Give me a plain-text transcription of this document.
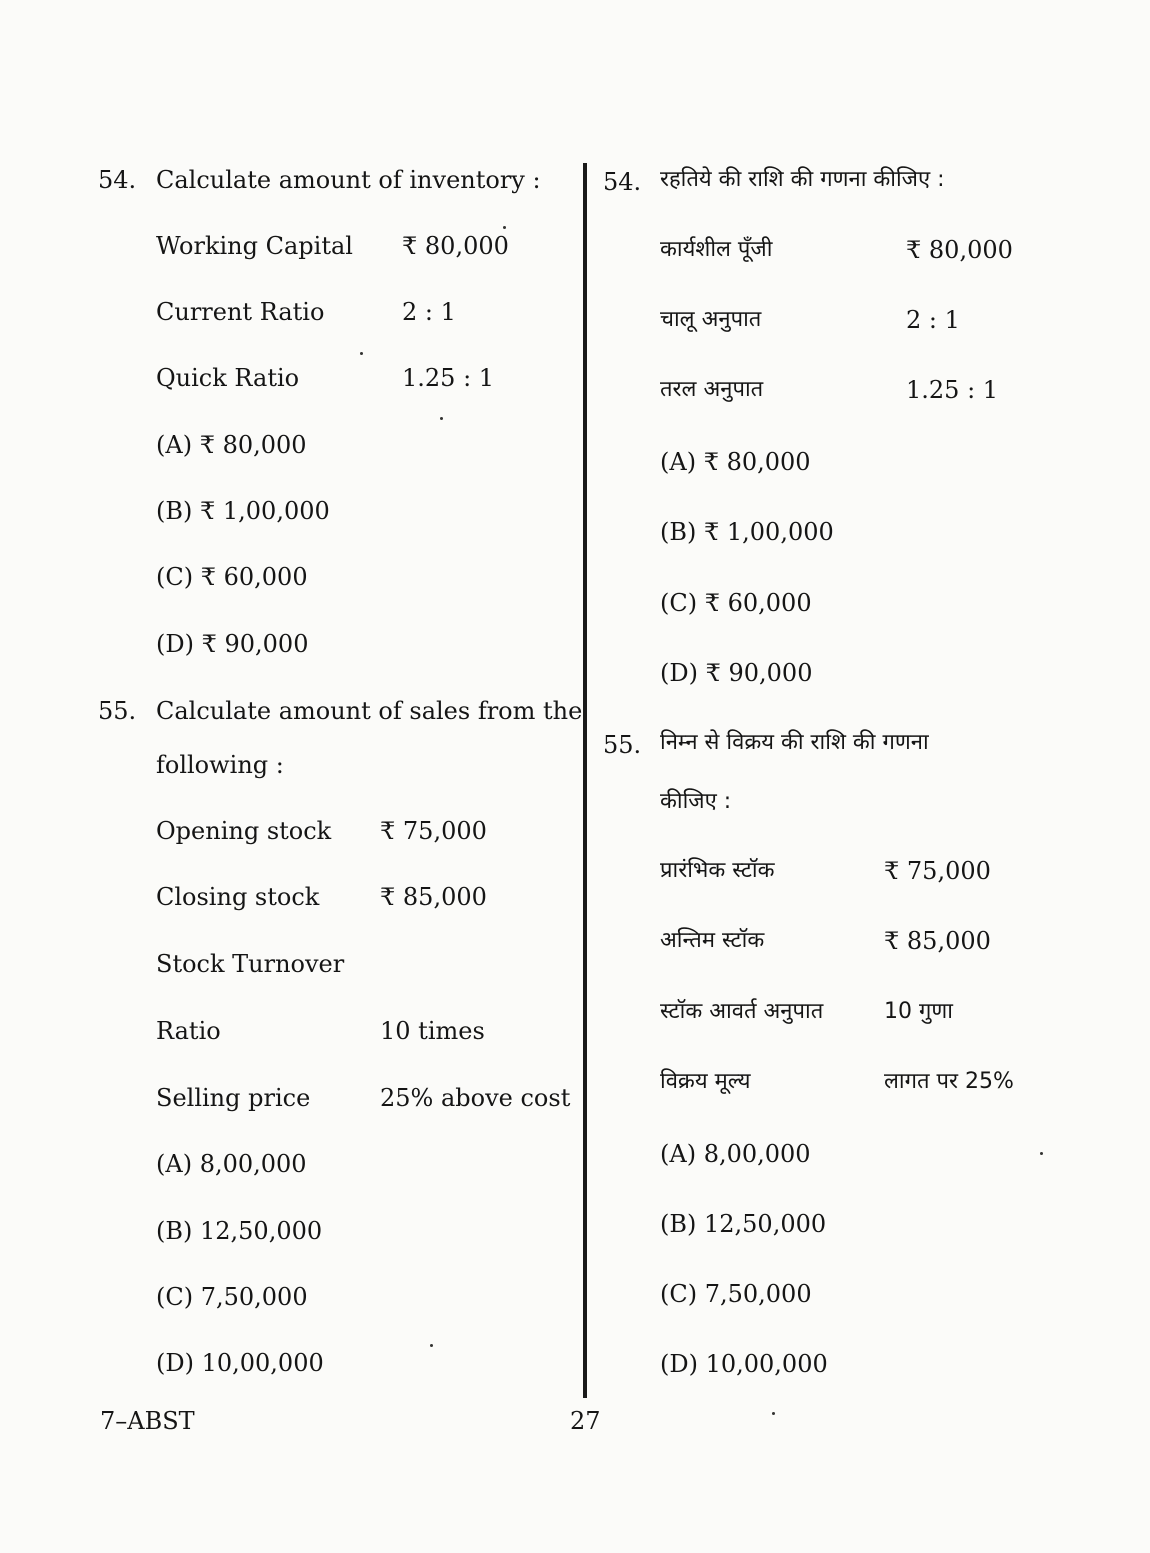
54. Calculate amount of inventory :
Working Capital ₹ 80,000
Current Ratio	2 : 1
Quick Ratio	1.25 : 1
(A) ₹ 80,000
(B) ₹ 1,00,000
(C) ₹ 60,000
(D) ₹ 90,000
55. Calculate amount of sales from the
following :
Opening stock ₹ 75,000
Closing stock	₹ 85,000
Stock Turnover
Ratio	10 times
Selling price	25% above cost
(A) 8,00,000
(B) 12,50,000
(C) 7,50,000
(D) 10,00,000
54. रहतिये की राशि की गणना कीजिए :
कार्यशील पूँजी	₹ 80,000
चालू अनुपात	2 : 1
तरल अनुपात	1.25 : 1
(A) ₹ 80,000
(B) ₹ 1,00,000
(C) ₹ 60,000
(D) ₹ 90,000
55. निम्न से विक्रय की राशि की गणना
कीजिए :
प्रारंभिक स्टॉक	₹ 75,000
अन्तिम स्टॉक	₹ 85,000
स्टॉक आवर्त अनुपात	10 गुणा
विक्रय मूल्य	लागत पर 25%
(A) 8,00,000
(B) 12,50,000
(C) 7,50,000
(D) 10,00,000
7–ABST	27
